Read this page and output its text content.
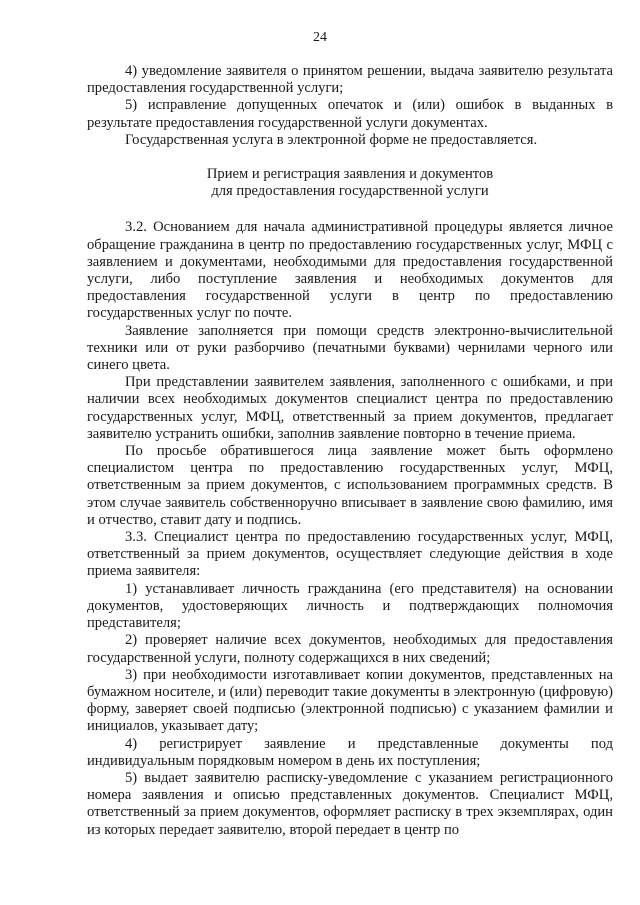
24

4) уведомление заявителя о принятом решении, выдача заявителю результата предоставления государственной услуги;

5) исправление допущенных опечаток и (или) ошибок в выданных в результате предоставления государственной услуги документах.

Государственная услуга в электронной форме не предоставляется.

Прием и регистрация заявления и документов

для предоставления государственной услуги

3.2. Основанием для начала административной процедуры является личное обращение гражданина в центр по предоставлению государственных услуг, МФЦ с заявлением и документами, необходимыми для предоставления государственной услуги, либо поступление заявления и необходимых документов для предоставления государственной услуги в центр по предоставлению государственных услуг по почте.

Заявление заполняется при помощи средств электронно-вычислительной техники или от руки разборчиво (печатными буквами) чернилами черного или синего цвета.

При представлении заявителем заявления, заполненного с ошибками, и при наличии всех необходимых документов специалист центра по предоставлению государственных услуг, МФЦ, ответственный за прием документов, предлагает заявителю устранить ошибки, заполнив заявление повторно в течение приема.

По просьбе обратившегося лица заявление может быть оформлено специалистом центра по предоставлению государственных услуг, МФЦ, ответственным за прием документов, с использованием программных средств. В этом случае заявитель собственноручно вписывает в заявление свою фамилию, имя и отчество, ставит дату и подпись.

3.3. Специалист центра по предоставлению государственных услуг, МФЦ, ответственный за прием документов, осуществляет следующие действия в ходе приема заявителя:

1) устанавливает личность гражданина (его представителя) на основании документов, удостоверяющих личность и подтверждающих полномочия представителя;

2) проверяет наличие всех документов, необходимых для предоставления государственной услуги, полноту содержащихся в них сведений;

3) при необходимости изготавливает копии документов, представленных на бумажном носителе, и (или) переводит такие документы в электронную (цифровую) форму, заверяет своей подписью (электронной подписью) с указанием фамилии и инициалов, указывает дату;

4) регистрирует заявление и представленные документы под индивидуальным порядковым номером в день их поступления;

5) выдает заявителю расписку-уведомление с указанием регистрационного номера заявления и описью представленных документов. Специалист МФЦ, ответственный за прием документов, оформляет расписку в трех экземплярах, один из которых передает заявителю, второй передает в центр по
